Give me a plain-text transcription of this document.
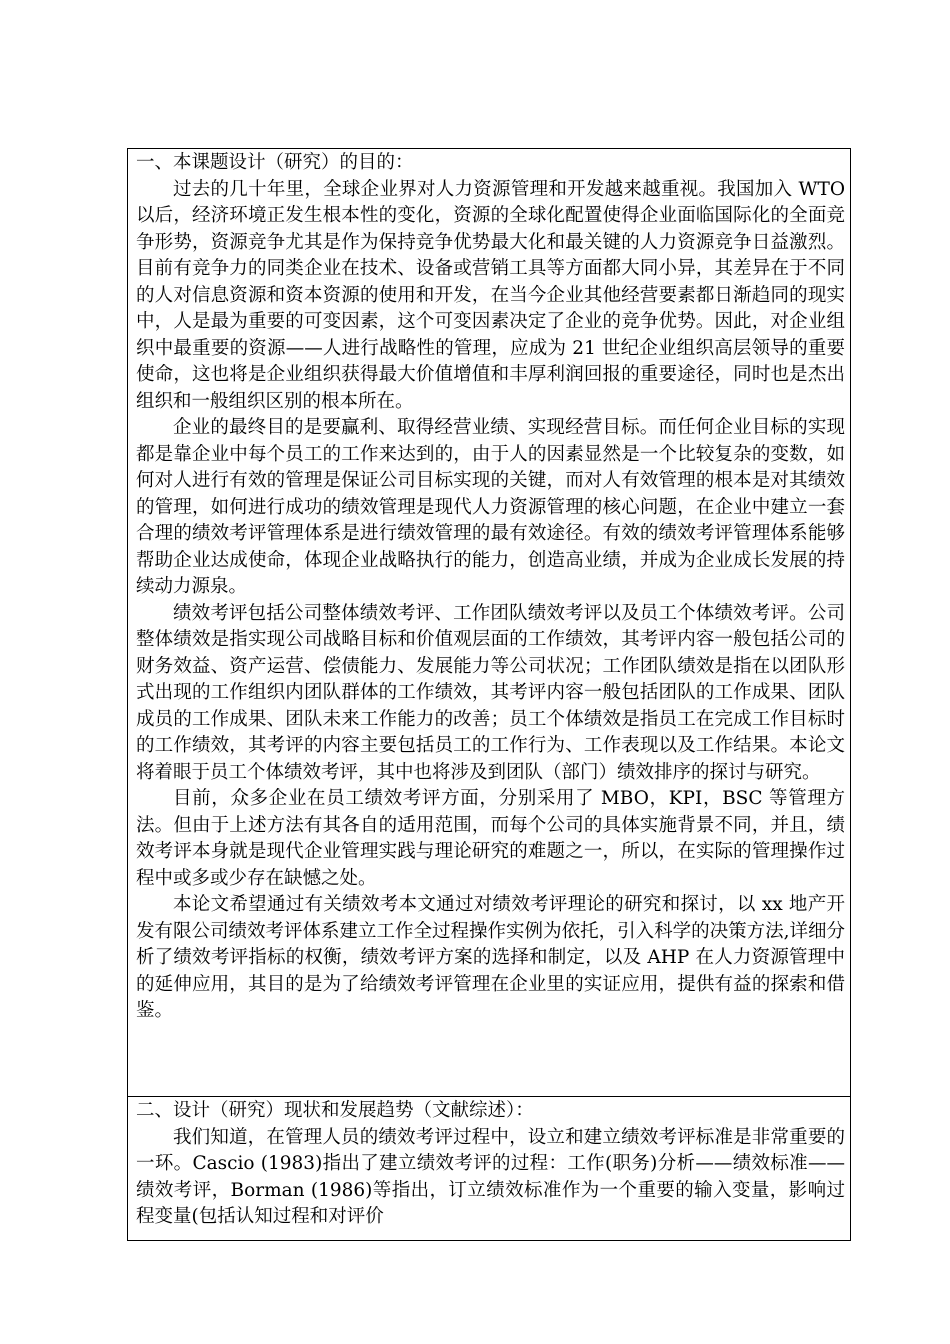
一、本课题设计（研究）的目的：

过去的几十年里，全球企业界对人力资源管理和开发越来越重视。我国加入 WTO 以后，经济环境正发生根本性的变化，资源的全球化配置使得企业面临国际化的全面竞争形势，资源竞争尤其是作为保持竞争优势最大化和最关键的人力资源竞争日益激烈。目前有竞争力的同类企业在技术、设备或营销工具等方面都大同小异，其差异在于不同的人对信息资源和资本资源的使用和开发，在当今企业其他经营要素都日渐趋同的现实中，人是最为重要的可变因素，这个可变因素决定了企业的竞争优势。因此，对企业组织中最重要的资源——人进行战略性的管理，应成为 21 世纪企业组织高层领导的重要使命，这也将是企业组织获得最大价值增值和丰厚利润回报的重要途径，同时也是杰出组织和一般组织区别的根本所在。

企业的最终目的是要赢利、取得经营业绩、实现经营目标。而任何企业目标的实现都是靠企业中每个员工的工作来达到的，由于人的因素显然是一个比较复杂的变数，如何对人进行有效的管理是保证公司目标实现的关键，而对人有效管理的根本是对其绩效的管理，如何进行成功的绩效管理是现代人力资源管理的核心问题，在企业中建立一套合理的绩效考评管理体系是进行绩效管理的最有效途径。有效的绩效考评管理体系能够帮助企业达成使命，体现企业战略执行的能力，创造高业绩，并成为企业成长发展的持续动力源泉。

绩效考评包括公司整体绩效考评、工作团队绩效考评以及员工个体绩效考评。公司整体绩效是指实现公司战略目标和价值观层面的工作绩效，其考评内容一般包括公司的财务效益、资产运营、偿债能力、发展能力等公司状况；工作团队绩效是指在以团队形式出现的工作组织内团队群体的工作绩效，其考评内容一般包括团队的工作成果、团队成员的工作成果、团队未来工作能力的改善；员工个体绩效是指员工在完成工作目标时的工作绩效，其考评的内容主要包括员工的工作行为、工作表现以及工作结果。本论文将着眼于员工个体绩效考评，其中也将涉及到团队（部门）绩效排序的探讨与研究。

目前，众多企业在员工绩效考评方面，分别采用了 MBO，KPI，BSC 等管理方法。但由于上述方法有其各自的适用范围，而每个公司的具体实施背景不同，并且，绩效考评本身就是现代企业管理实践与理论研究的难题之一，所以，在实际的管理操作过程中或多或少存在缺憾之处。

本论文希望通过有关绩效考本文通过对绩效考评理论的研究和探讨，以 xx 地产开发有限公司绩效考评体系建立工作全过程操作实例为依托，引入科学的决策方法,详细分析了绩效考评指标的权衡，绩效考评方案的选择和制定，以及 AHP 在人力资源管理中的延伸应用，其目的是为了给绩效考评管理在企业里的实证应用，提供有益的探索和借鉴。

二、设计（研究）现状和发展趋势（文献综述）：

我们知道，在管理人员的绩效考评过程中，设立和建立绩效考评标准是非常重要的一环。Cascio (1983)指出了建立绩效考评的过程：工作(职务)分析——绩效标准——绩效考评，Borman (1986)等指出，订立绩效标准作为一个重要的输入变量，影响过程变量(包括认知过程和对评价
